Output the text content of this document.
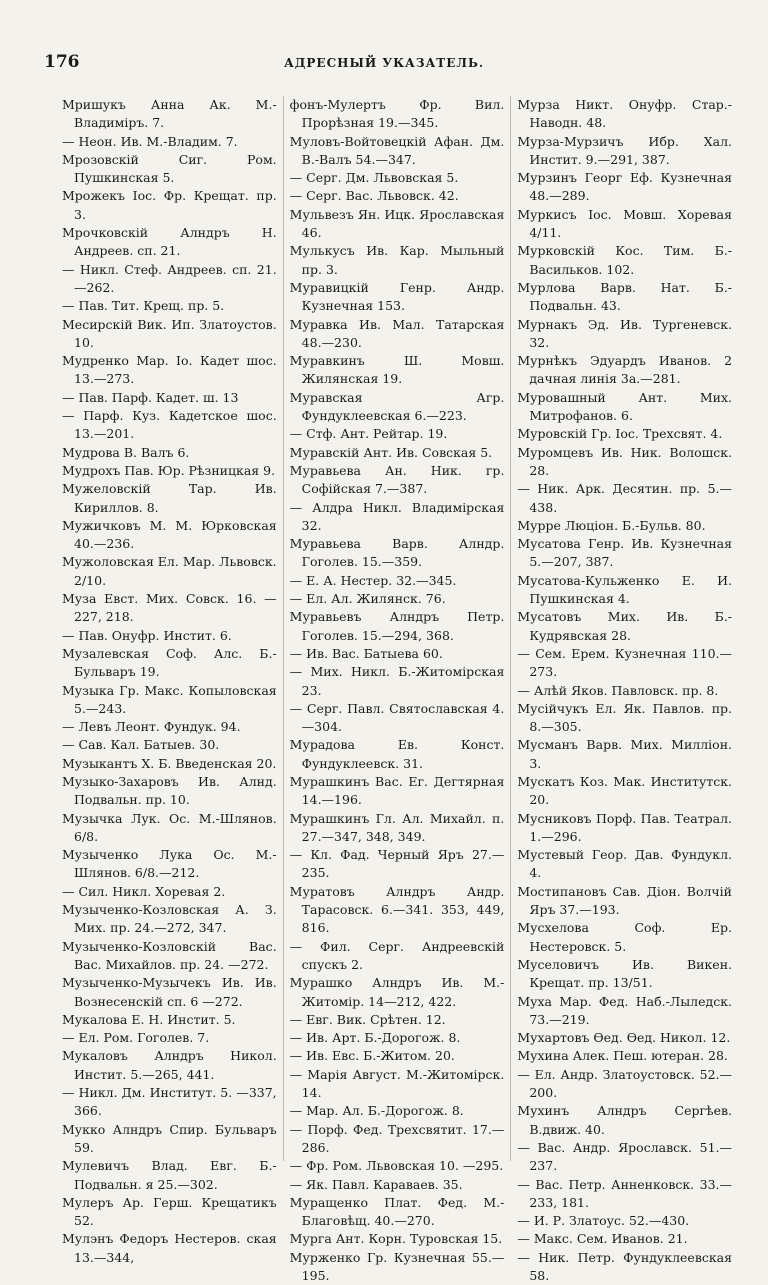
176	АДРЕСНЫЙ УКАЗАТЕЛЬ.

Мришукъ Анна Ак. М.-Владиміръ. 7.

— Неон. Ив. М.-Владим. 7.

Мрозовскій Сиг. Ром. Пушкинская 5.

Мрожекъ Іос. Фр. Крещат. пр. 3.

Мрочковскій Алндръ Н. Андреев. сп. 21.

— Никл. Стеф. Андреев. сп. 21.—262.

— Пав. Тит. Крещ. пр. 5.

Месирскій Вик. Ип. Златоустов. 10.

Мудренко Мар. Іо. Кадет шос. 13.—273.

— Пав. Парф. Кадет. ш. 13

— Парф. Куз. Кадетское шос. 13.—201.

Мудрова В. Валъ 6.

Мудрохъ Пав. Юр. Рѣзницкая 9.

Мужеловскій Тар. Ив. Кириллов. 8.

Мужичковъ М. М. Юрковская 40.—236.

Мужоловская Ел. Мар. Львовск. 2/10.

Муза Евст. Мих. Совск. 16. —227, 218.

— Пав. Онуфр. Инстит. 6.

Музалевская Соф. Алс. Б.-Бульваръ 19.

Музыка Гр. Макс. Копыловская 5.—243.

— Левъ Леонт. Фундук. 94.

— Сав. Кал. Батыев. 30.

Музыкантъ Х. Б. Введенская 20.

Музыко-Захаровъ Ив. Алнд. Подвальн. пр. 10.

Музычка Лук. Ос. М.-Шлянов. 6/8.

Музыченко Лука Ос. М.-Шлянов. 6/8.—212.

— Сил. Никл. Хоревая 2.

Музыченко-Козловская А. З. Мих. пр. 24.—272, 347.

Музыченко-Козловскій Вас. Вас. Михайлов. пр. 24. —272.

Музыченко-Музычекъ Ив. Ив. Вознесенскій сп. 6 —272.

Мукалова Е. Н. Инстит. 5.

— Ел. Ром. Гоголев. 7.

Мукаловъ Алндръ Никол. Инстит. 5.—265, 441.

— Никл. Дм. Институт. 5. —337, 366.

Мукко Алндръ Спир. Бульваръ 59.

Мулевичъ Влад. Евг. Б.-Подвальн. я 25.—302.

Мулеръ Ар. Герш. Крещатикъ 52.

Мулэнъ Федоръ Нестеров. ская 13.—344,

фонъ-Мулертъ Фр. Вил. Прорѣзная 19.—345.

Муловъ-Войтовецкій Афан. Дм. В.-Валъ 54.—347.

— Серг. Дм. Львовская 5.

— Серг. Вас. Львовск. 42.

Мульвезъ Ян. Ицк. Ярославская 46.

Мулькусъ Ив. Кар. Мыльный пр. 3.

Муравицкій Генр. Андр. Кузнечная 153.

Муравка Ив. Мал. Татарская 48.—230.

Муравкинъ Ш. Мовш. Жилянская 19.

Муравская Агр. Фундуклеевская 6.—223.

— Стф. Ант. Рейтар. 19.

Муравскій Ант. Ив. Совская 5.

Муравьева Ан. Ник. гр. Софійская 7.—387.

— Алдра Никл. Владимірская 32.

Муравьева Варв. Алндр. Гоголев. 15.—359.

— Е. А. Нестер. 32.—345.

— Ел. Ал. Жилянск. 76.

Муравьевъ Алндръ Петр. Гоголев. 15.—294, 368.

— Ив. Вас. Батыева 60.

— Мих. Никл. Б.-Житомірская 23.

— Серг. Павл. Святославская 4.—304.

Мурадова Ев. Конст. Фундуклеевск. 31.

Мурашкинъ Вас. Ег. Дегтярная 14.—196.

Мурашкинъ Гл. Ал. Михайл. п. 27.—347, 348, 349.

— Кл. Фад. Черный Яръ 27.—235.

Муратовъ Алндръ Андр. Тарасовск. 6.—341. 353, 449, 816.

— Фил. Серг. Андреевскій спускъ 2.

Мурашко Алндръ Ив. М.-Житомір. 14—212, 422.

— Евг. Вик. Срѣтен. 12.

— Ив. Арт. Б.-Дорогож. 8.

— Ив. Евс. Б.-Житом. 20.

— Марія Август. М.-Житомірск. 14.

— Мар. Ал. Б.-Дорогож. 8.

— Порф. Фед. Трехсвятит. 17.—286.

— Фр. Ром. Львовская 10. —295.

— Як. Павл. Караваев. 35.

Муращенко Плат. Фед. М.-Благовѣщ. 40.—270.

Мурга Ант. Корн. Туровская 15.

Мурженко Гр. Кузнечная 55.—195.

Мурза Никт. Онуфр. Стар.-Наводн. 48.

Мурза-Мурзичъ Ибр. Хал. Инстит. 9.—291, 387.

Мурзинъ Георг Еф. Кузнечная 48.—289.

Муркисъ Іос. Мовш. Хоревая 4/11.

Мурковскій Кос. Тим. Б.-Васильков. 102.

Мурлова Варв. Нат. Б.-Подвальн. 43.

Мурнакъ Эд. Ив. Тургеневск. 32.

Мурнѣкъ Эдуардъ Иванов. 2 дачная линія 3а.—281.

Муровашный Ант. Мих. Митрофанов. 6.

Муровскій Гр. Іос. Трехсвят. 4.

Муромцевъ Ив. Ник. Волошск. 28.

— Ник. Арк. Десятин. пр. 5.—438.

Мурре Люціон. Б.-Бульв. 80.

Мусатова Генр. Ив. Кузнечная 5.—207, 387.

Мусатова-Кульженко Е. И. Пушкинская 4.

Мусатовъ Мих. Ив. Б.-Кудрявская 28.

— Сем. Ерем. Кузнечная 110.—273.

— Алѣй Яков. Павловск. пр. 8.

Мусійчукъ Ел. Як. Павлов. пр. 8.—305.

Мусманъ Варв. Мих. Милліон. 3.

Мускатъ Коз. Мак. Институтск. 20.

Мусниковъ Порф. Пав. Театрал. 1.—296.

Мустевый Геор. Дав. Фундукл. 4.

Мостипановъ Сав. Діон. Волчій Яръ 37.—193.

Мусхелова Соф. Ер. Нестеровск. 5.

Муселовичъ Ив. Викен. Крещат. пр. 13/51.

Муха Мар. Фед. Наб.-Лыледск. 73.—219.

Мухартовъ Ѳед. Ѳед. Никол. 12.

Мухина Алек. Пеш. ютеран. 28.

— Ел. Андр. Златоустовск. 52.—200.

Мухинъ Алндръ Сергѣев. В.движ. 40.

— Вас. Андр. Ярославск. 51.—237.

— Вас. Петр. Анненковск. 33.—233, 181.

— И. Р. Златоус. 52.—430.

— Макс. Сем. Иванов. 21.

— Ник. Петр. Фундуклеевская 58.
